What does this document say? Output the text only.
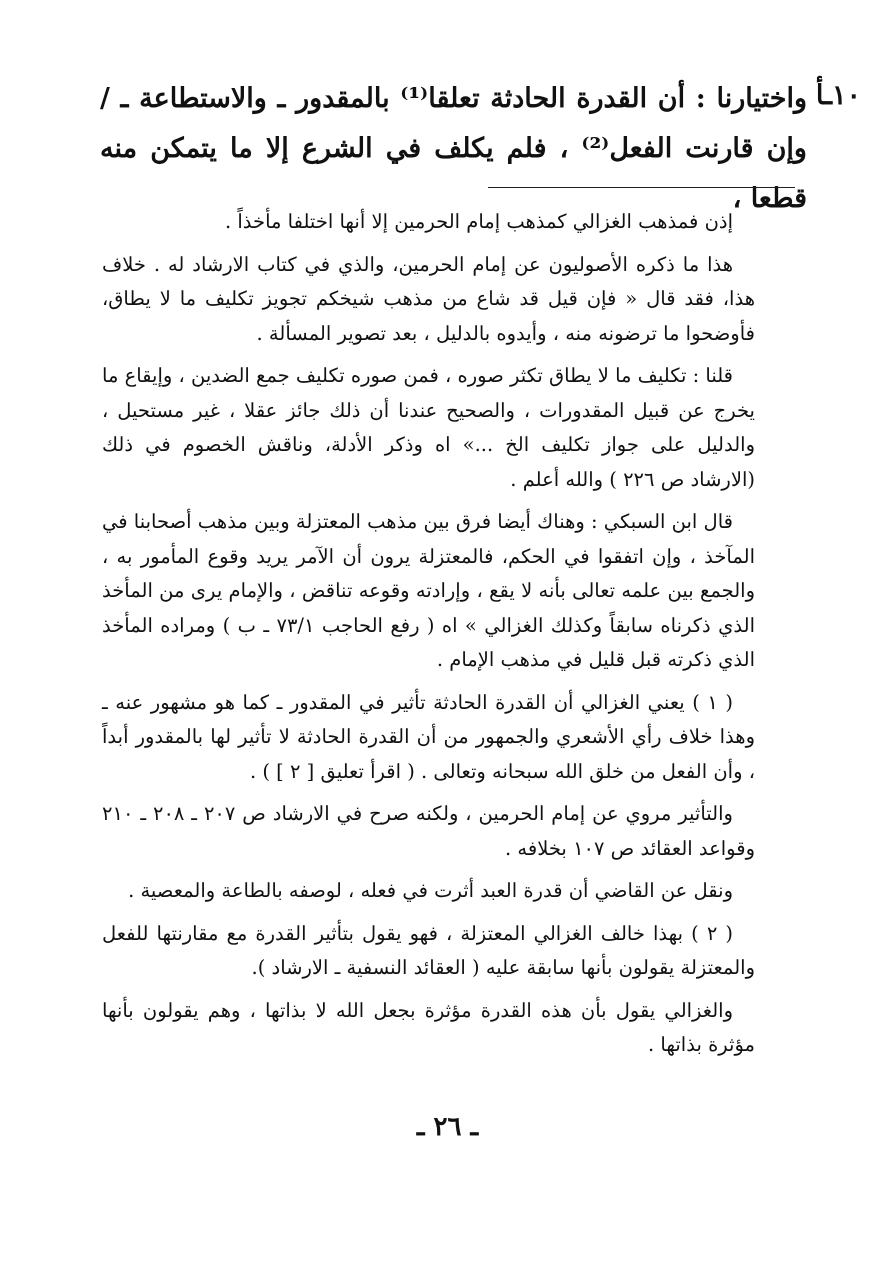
١٠ـأ

واختيارنا : أن القدرة الحادثة تعلقا⁽¹⁾ بالمقدور ـ والاستطاعة ـ / وإن قارنت الفعل⁽²⁾ ، فلم يكلف في الشرع إلا ما يتمكن منه قطعا ،

إذن فمذهب الغزالي كمذهب إمام الحرمين إلا أنها اختلفا مأخذاً .

هذا ما ذكره الأصوليون عن إمام الحرمين، والذي في كتاب الارشاد له . خلاف هذا، فقد قال « فإن قيل قد شاع من مذهب شيخكم تجويز تكليف ما لا يطاق، فأوضحوا ما ترضونه منه ، وأيدوه بالدليل ، بعد تصوير المسألة .

قلنا : تكليف ما لا يطاق تكثر صوره ، فمن صوره تكليف جمع الضدين ، وإيقاع ما يخرج عن قبيل المقدورات ، والصحيح عندنا أن ذلك جائز عقلا ، غير مستحيل ، والدليل على جواز تكليف الخ ...» اه وذكر الأدلة، وناقش الخصوم في ذلك (الارشاد ص ٢٢٦ ) والله أعلم .

قال ابن السبكي : وهناك أيضا فرق بين مذهب المعتزلة وبين مذهب أصحابنا في المآخذ ، وإن اتفقوا في الحكم، فالمعتزلة يرون أن الآمر يريد وقوع المأمور به ، والجمع بين علمه تعالى بأنه لا يقع ، وإرادته وقوعه تناقض ، والإمام يرى من المأخذ الذي ذكرناه سابقاً وكذلك الغزالي » اه ( رفع الحاجب ٧٣/١ ـ ب ) ومراده المأخذ الذي ذكرته قبل قليل في مذهب الإمام .

( ١ ) يعني الغزالي أن القدرة الحادثة تأثير في المقدور ـ كما هو مشهور عنه ـ وهذا خلاف رأي الأشعري والجمهور من أن القدرة الحادثة لا تأثير لها بالمقدور أبداً ، وأن الفعل من خلق الله سبحانه وتعالى . ( اقرأ تعليق [ ٢ ] ) .

والتأثير مروي عن إمام الحرمين ، ولكنه صرح في الارشاد ص ٢٠٧ ـ ٢٠٨ ـ ٢١٠ وقواعد العقائد ص ١٠٧ بخلافه .

ونقل عن القاضي أن قدرة العبد أثرت في فعله ، لوصفه بالطاعة والمعصية .

( ٢ ) بهذا خالف الغزالي المعتزلة ، فهو يقول بتأثير القدرة مع مقارنتها للفعل والمعتزلة يقولون بأنها سابقة عليه ( العقائد النسفية ـ الارشاد ).

والغزالي يقول بأن هذه القدرة مؤثرة بجعل الله لا بذاتها ، وهم يقولون بأنها مؤثرة بذاتها .

ـ ٢٦ ـ
